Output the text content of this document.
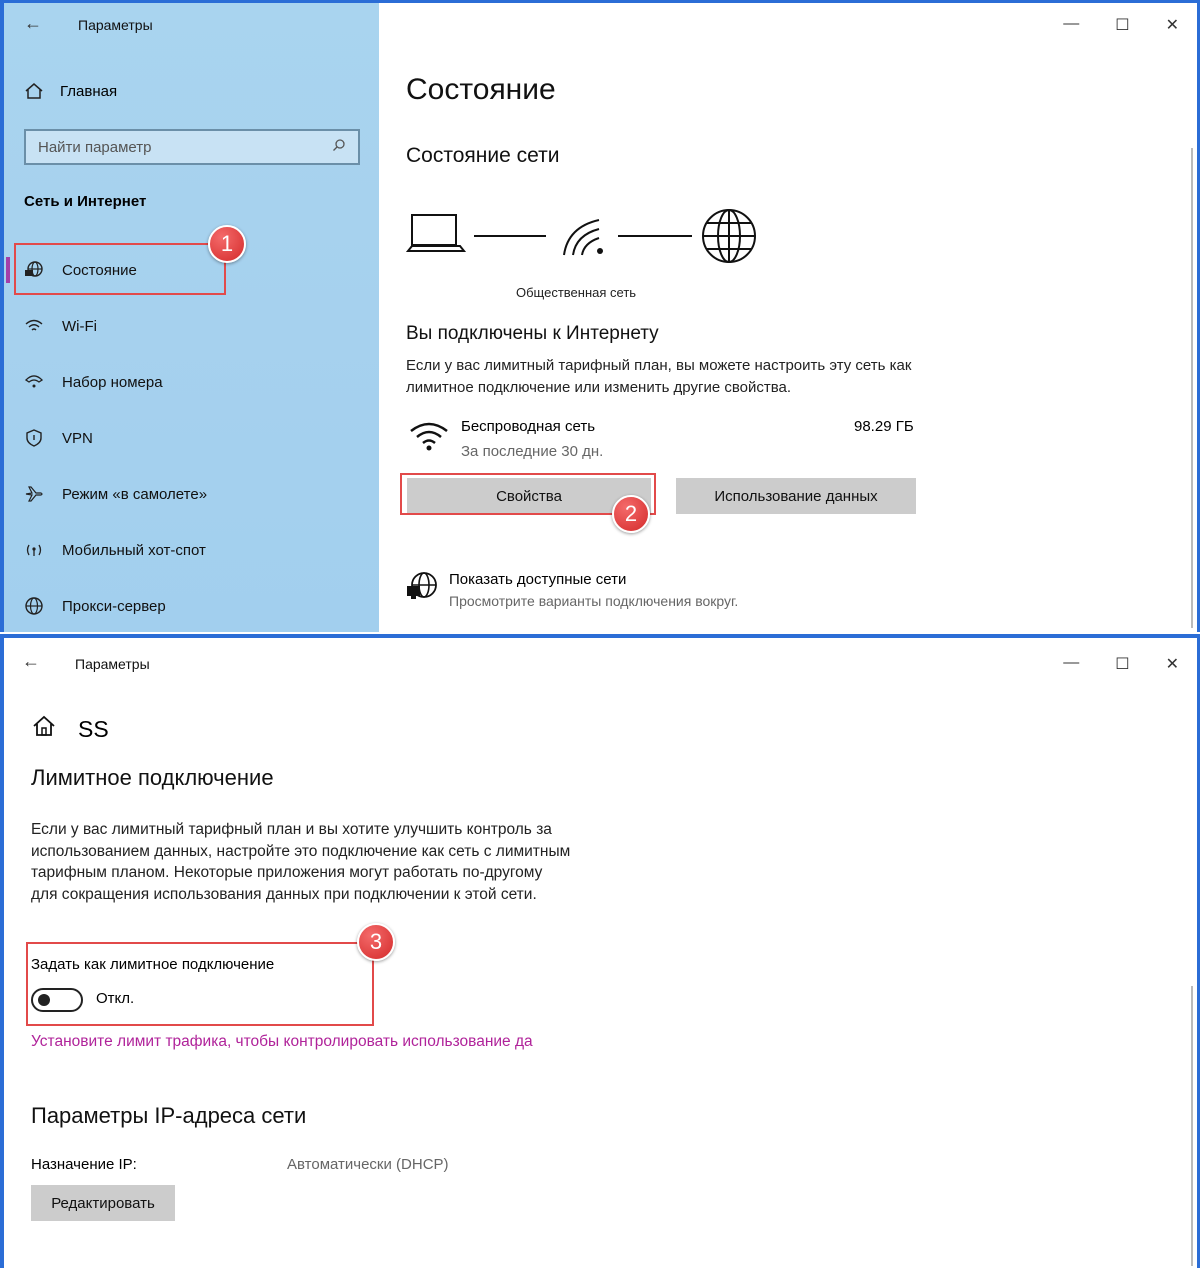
←	Параметры
Главная
Найти параметр
Сеть и Интернет
Состояние
Wi-Fi
Набор номера
VPN
Режим «в самолете»
Мобильный хот-спот
Прокси-сервер
1
— ☐ ✕
Состояние
Состояние сети
Общественная сеть
Вы подключены к Интернету
Если у вас лимитный тарифный план, вы можете настроить эту сеть как лимитное подключение или изменить другие свойства.
Беспроводная сеть
За последние 30 дн.
98.29 ГБ
Свойства	Использование данных
2
Показать доступные сети
Просмотрите варианты подключения вокруг.
←	Параметры	— ☐ ✕
SS
Лимитное подключение
Если у вас лимитный тарифный план и вы хотите улучшить контроль за использованием данных, настройте это подключение как сеть с лимитным тарифным планом. Некоторые приложения могут работать по-другому для сокращения использования данных при подключении к этой сети.
Задать как лимитное подключение
Откл.
3
Установите лимит трафика, чтобы контролировать использование да
Параметры IP-адреса сети
Назначение IP:	Автоматически (DHCP)
Редактировать
